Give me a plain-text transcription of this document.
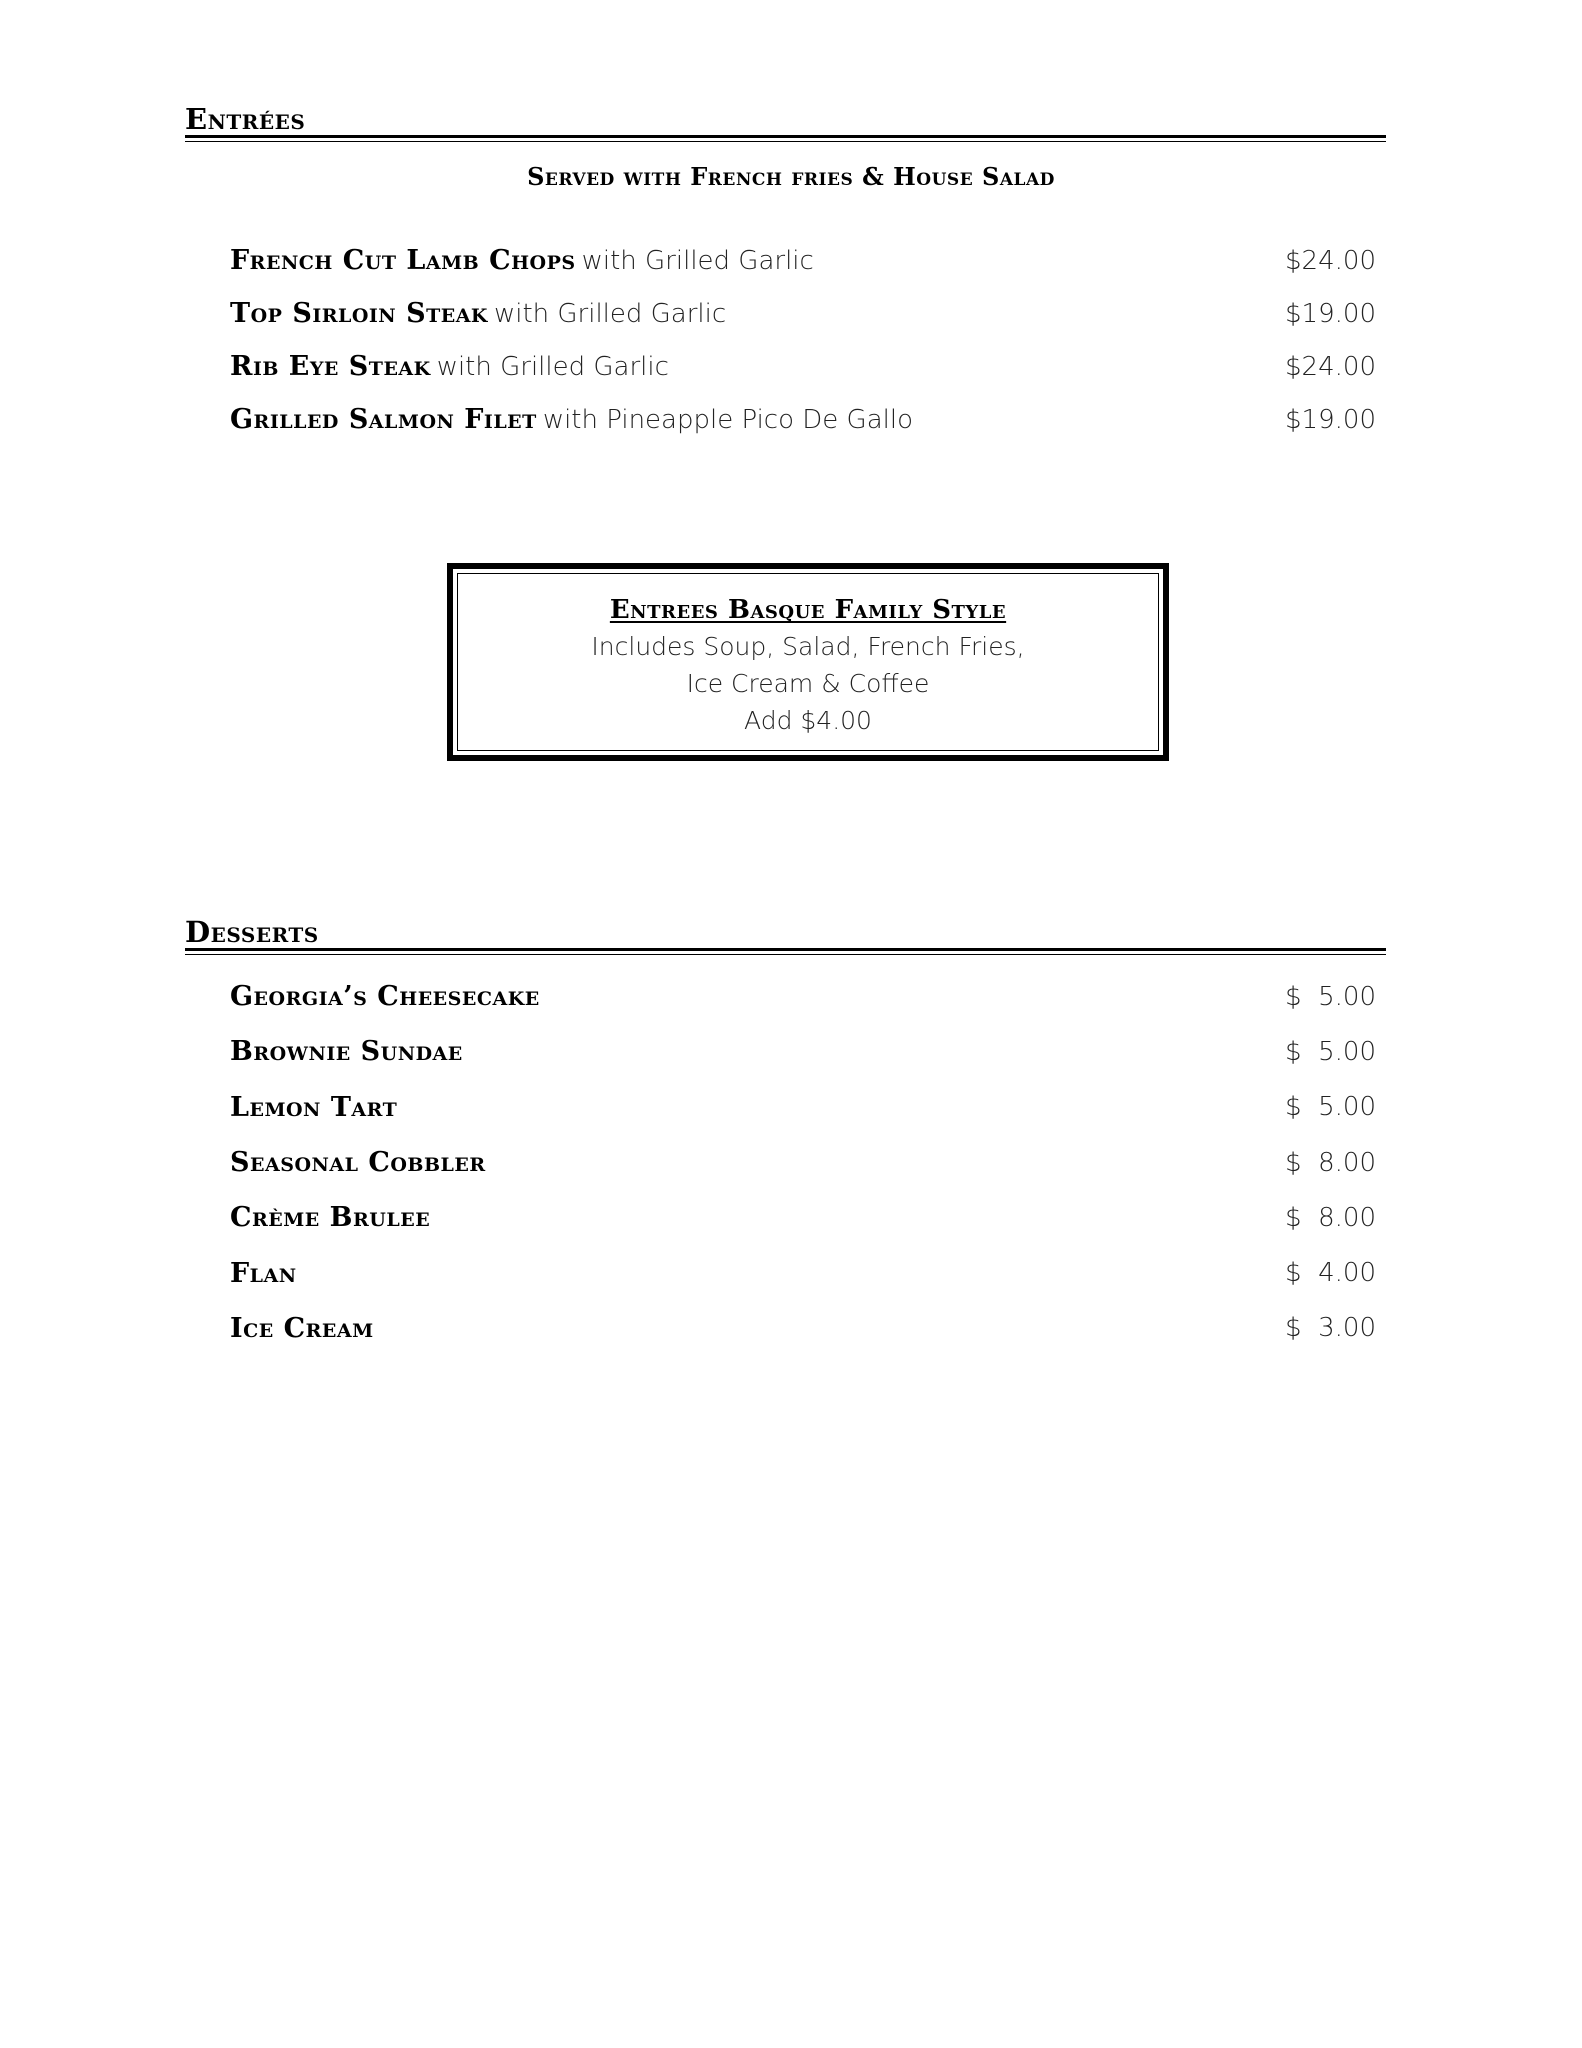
Entrées
Served with French fries & House Salad
French Cut Lamb Chops with Grilled Garlic	$24.00
Top Sirloin Steak with Grilled Garlic	$19.00
Rib Eye Steak with Grilled Garlic	$24.00
Grilled Salmon Filet with Pineapple Pico De Gallo	$19.00
Entrees Basque Family Style
Includes Soup, Salad, French Fries,
Ice Cream & Coffee
Add $4.00
Desserts
Georgia’s Cheesecake	$  5.00
Brownie Sundae	$  5.00
Lemon Tart	$  5.00
Seasonal Cobbler	$  8.00
Crème Brulee	$  8.00
Flan	$  4.00
Ice Cream	$  3.00
